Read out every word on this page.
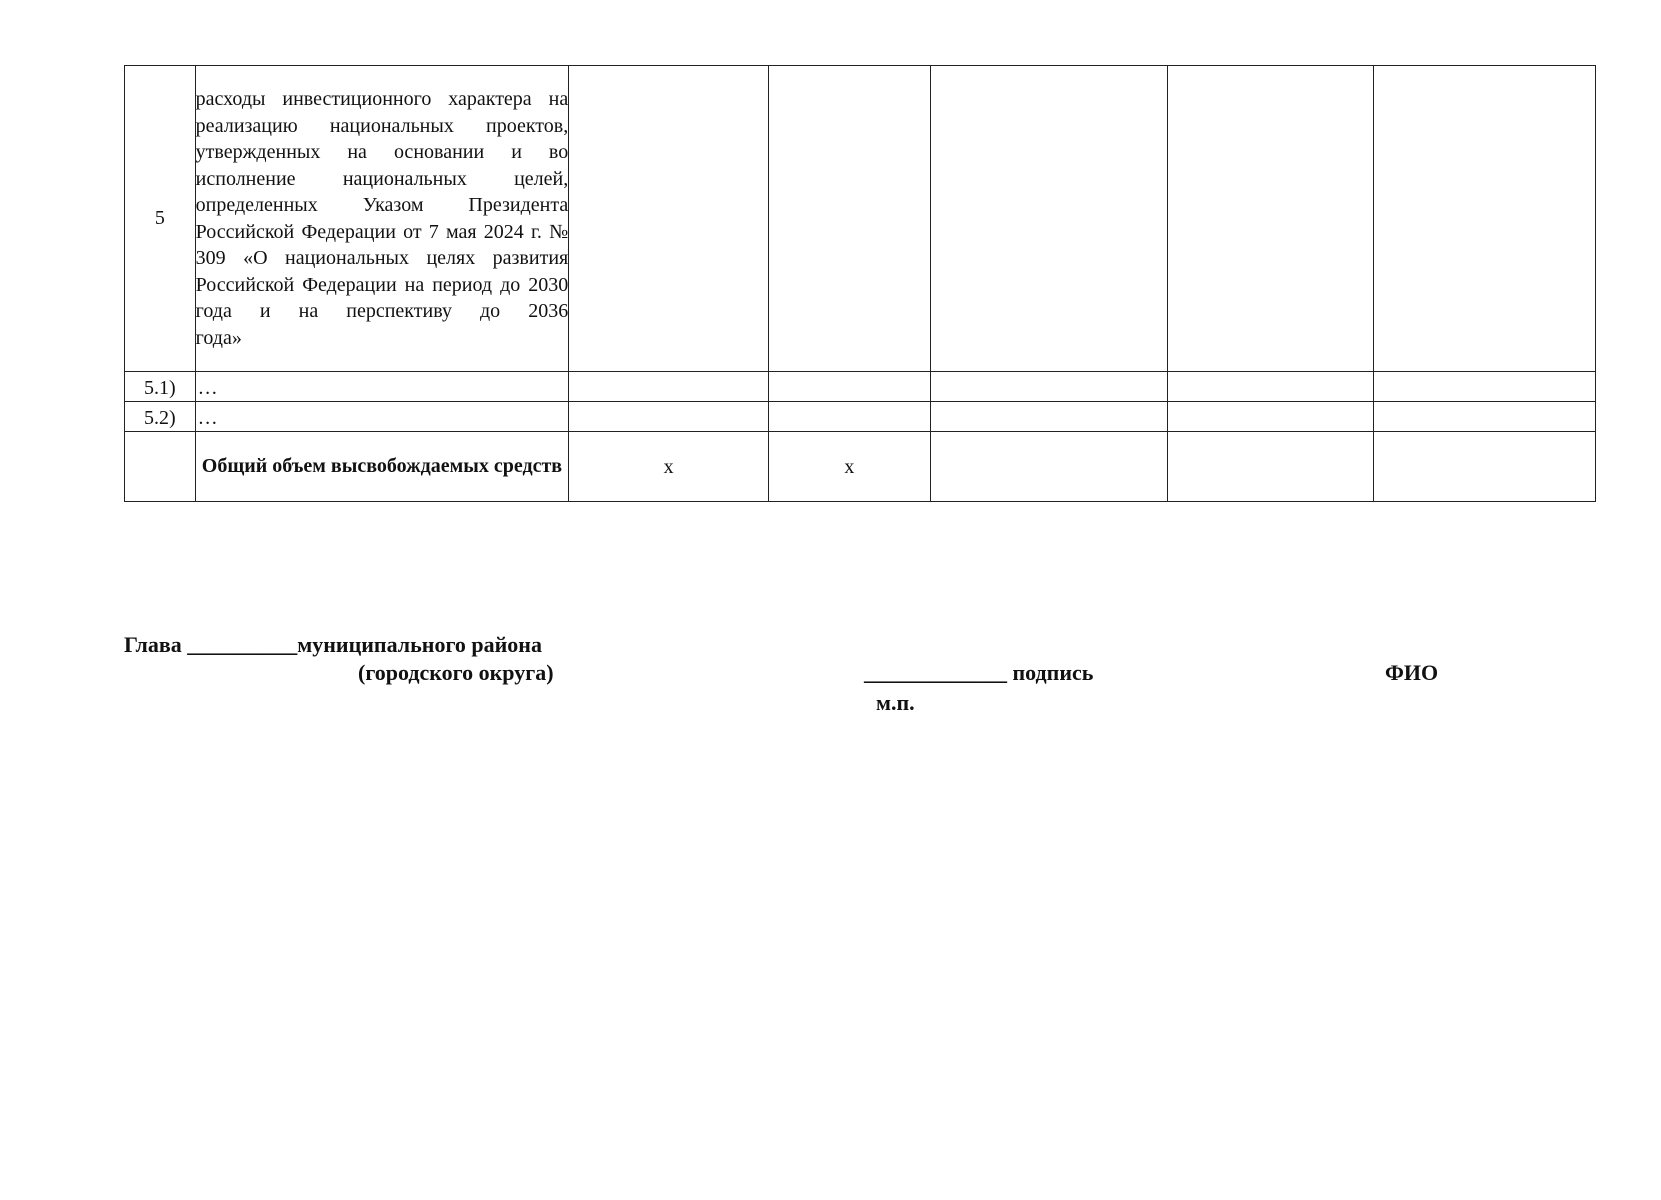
5	расходы инвестиционного характера на реализацию национальных проектов, утвержденных на основании и во исполнение национальных целей, определенных Указом Президента Российской Федерации от 7 мая 2024 г. № 309 «О национальных целях развития Российской Федерации на период до 2030 года и на перспективу до 2036
года»					

5.1)	…					
5.2)	…					
	Общий объем высвобождаемых средств	х	х			
Глава __________муниципального района
(городского округа)	_____________ подпись
м.п.
ФИО
